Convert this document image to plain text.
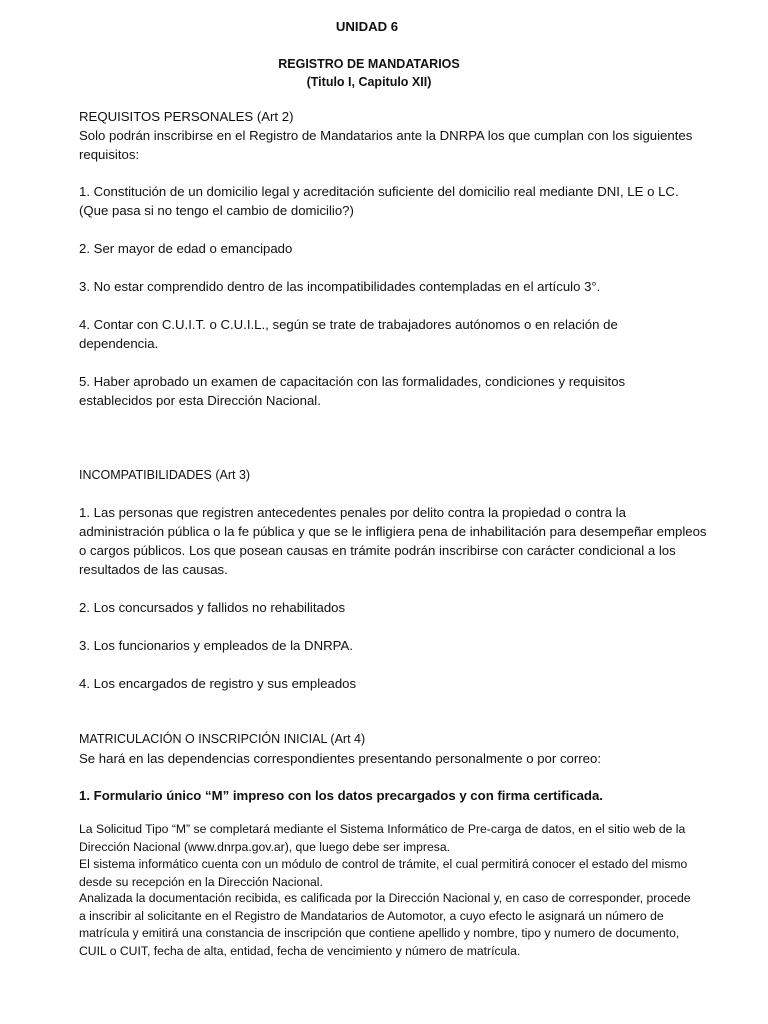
UNIDAD 6
REGISTRO DE MANDATARIOS
(Titulo I, Capitulo XII)

REQUISITOS PERSONALES (Art 2)

Solo podrán inscribirse en el Registro de Mandatarios ante la DNRPA los que cumplan con los siguientes requisitos:

1. Constitución de un domicilio legal y acreditación suficiente del domicilio real mediante DNI, LE o LC. (Que pasa si no tengo el cambio de domicilio?)

2. Ser mayor de edad o emancipado

3. No estar comprendido dentro de las incompatibilidades contempladas en el artículo 3°.

4. Contar con C.U.I.T. o C.U.I.L., según se trate de trabajadores autónomos o en relación de dependencia.

5. Haber aprobado un examen de capacitación con las formalidades, condiciones y requisitos establecidos por esta Dirección Nacional.

INCOMPATIBILIDADES (Art 3)

1. Las personas que registren antecedentes penales por delito contra la propiedad o contra la administración pública o la fe pública y que se le infligiera pena de inhabilitación para desempeñar empleos o cargos públicos. Los que posean causas en trámite podrán inscribirse con carácter condicional a los resultados de las causas.

2. Los concursados y fallidos no rehabilitados

3. Los funcionarios y empleados de la DNRPA.

4. Los encargados de registro y sus empleados

MATRICULACIÓN O INSCRIPCIÓN INICIAL (Art 4)

Se hará en las dependencias correspondientes presentando personalmente o por correo:

1. Formulario único “M” impreso con los datos precargados y con firma certificada.

La Solicitud Tipo “M” se completará mediante el Sistema Informático de Pre-carga de datos, en el sitio web de la Dirección Nacional (www.dnrpa.gov.ar), que luego debe ser impresa.

El sistema informático cuenta con un módulo de control de trámite, el cual permitirá conocer el estado del mismo desde su recepción en la Dirección Nacional.

Analizada la documentación recibida, es calificada por la Dirección Nacional y, en caso de corresponder, procede a inscribir al solicitante en el Registro de Mandatarios de Automotor, a cuyo efecto le asignará un número de matrícula y emitirá una constancia de inscripción que contiene apellido y nombre, tipo y numero de documento, CUIL o CUIT, fecha de alta, entidad, fecha de vencimiento y número de matrícula.
